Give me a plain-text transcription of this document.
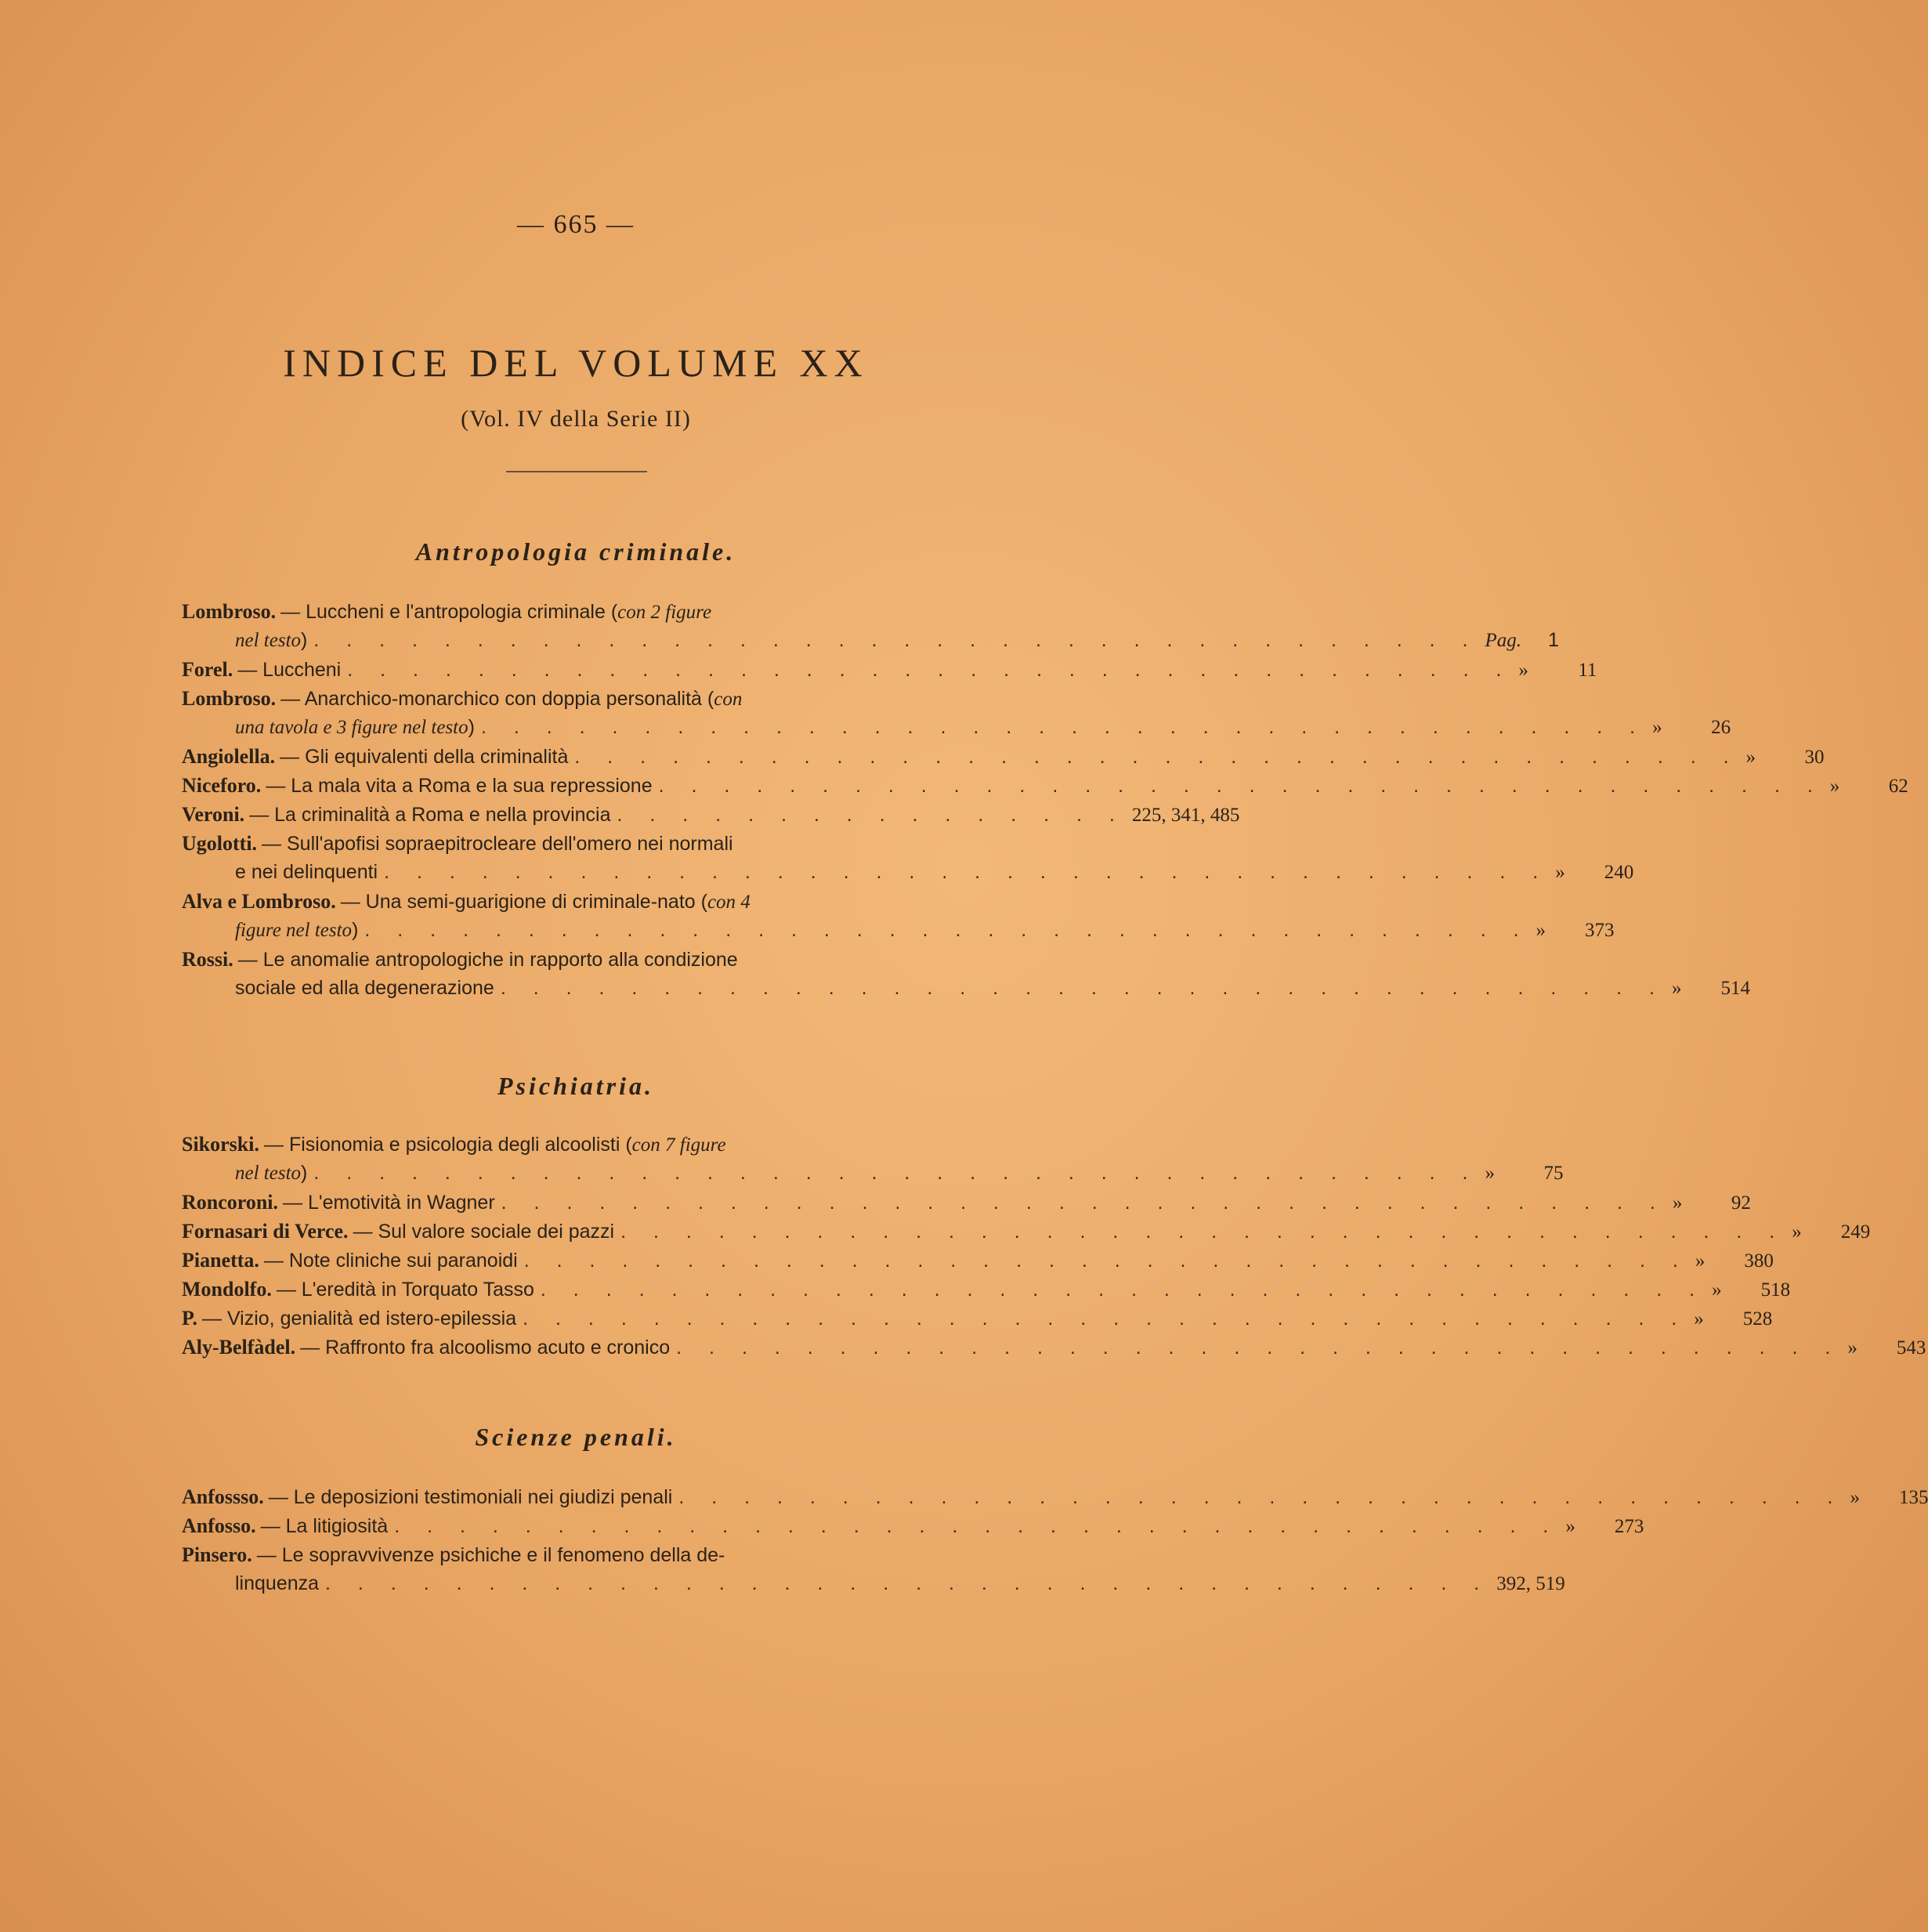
— 665 —
INDICE DEL VOLUME XX
(Vol. IV della Serie II)
Antropologia criminale.
Lombroso. — Luccheni e l'antropologia criminale ( con 2 figure
nel testo ) . . . . . . . . . . . . . . . . . . . . . . . . . . . . . . . . . . . . Pag. 1
Forel. — Luccheni . . . . . . . . . . . . . . . . . . . . . . . . . . . . . . . . . . . . »	11
Lombroso. — Anarchico-monarchico con doppia personalità ( con
una tavola e 3 figure nel testo ) . . . . . . . . . . . . . . . . . . . . . . . . . . . . . . . . . . . . »	26
Angiolella. — Gli equivalenti della criminalità . . . . . . . . . . . . . . . . . . . . . . . . . . . . . . . . . . . . »	30
Niceforo. — La mala vita a Roma e la sua repressione . . . . . . . . . . . . . . . . . . . . . . . . . . . . . . . . . . . . »	62
Veroni. — La criminalità a Roma e nella provincia . . . . . . . . . . . . . . . . 225, 341, 485
Ugolotti. — Sull'apofisi sopraepitrocleare dell'omero nei normali
e nei delinquenti . . . . . . . . . . . . . . . . . . . . . . . . . . . . . . . . . . . . » 240
Alva e Lombroso. — Una semi-guarigione di criminale-nato ( con 4
figure nel testo ) . . . . . . . . . . . . . . . . . . . . . . . . . . . . . . . . . . . . » 373
Rossi. — Le anomalie antropologiche in rapporto alla condizione
sociale ed alla degenerazione . . . . . . . . . . . . . . . . . . . . . . . . . . . . . . . . . . . . » 514
Psichiatria.
Sikorski. — Fisionomia e psicologia degli alcoolisti ( con 7 figure
nel testo ) . . . . . . . . . . . . . . . . . . . . . . . . . . . . . . . . . . . . »	75
Roncoroni. — L'emotività in Wagner . . . . . . . . . . . . . . . . . . . . . . . . . . . . . . . . . . . . »	92
Fornasari di Verce. — Sul valore sociale dei pazzi . . . . . . . . . . . . . . . . . . . . . . . . . . . . . . . . . . . . » 249
Pianetta. — Note cliniche sui paranoidi . . . . . . . . . . . . . . . . . . . . . . . . . . . . . . . . . . . . » 380
Mondolfo. — L'eredità in Torquato Tasso . . . . . . . . . . . . . . . . . . . . . . . . . . . . . . . . . . . . » 518
P. — Vizio, genialità ed istero-epilessia . . . . . . . . . . . . . . . . . . . . . . . . . . . . . . . . . . . . » 528
Aly-Belfàdel. — Raffronto fra alcoolismo acuto e cronico . . . . . . . . . . . . . . . . . . . . . . . . . . . . . . . . . . . . » 543
Scienze penali.
Anfossso. — Le deposizioni testimoniali nei giudizi penali . . . . . . . . . . . . . . . . . . . . . . . . . . . . . . . . . . . . » 135
Anfosso. — La litigiosità . . . . . . . . . . . . . . . . . . . . . . . . . . . . . . . . . . . . » 273
Pinsero. — Le sopravvivenze psichiche e il fenomeno della de-
linquenza . . . . . . . . . . . . . . . . . . . . . . . . . . . . . . . . . . . . 392, 519
